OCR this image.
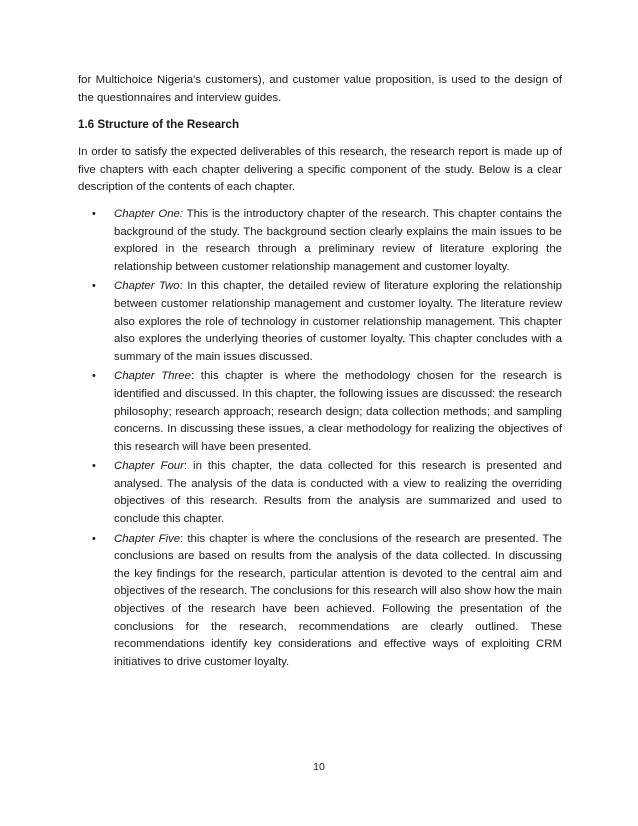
for Multichoice Nigeria's customers), and customer value proposition, is used to the design of the questionnaires and interview guides.

1.6 Structure of the Research

In order to satisfy the expected deliverables of this research, the research report is made up of five chapters with each chapter delivering a specific component of the study. Below is a clear description of the contents of each chapter.

• Chapter One: This is the introductory chapter of the research. This chapter contains the background of the study. The background section clearly explains the main issues to be explored in the research through a preliminary review of literature exploring the relationship between customer relationship management and customer loyalty.
• Chapter Two: In this chapter, the detailed review of literature exploring the relationship between customer relationship management and customer loyalty. The literature review also explores the role of technology in customer relationship management. This chapter also explores the underlying theories of customer loyalty. This chapter concludes with a summary of the main issues discussed.
• Chapter Three: this chapter is where the methodology chosen for the research is identified and discussed. In this chapter, the following issues are discussed: the research philosophy; research approach; research design; data collection methods; and sampling concerns. In discussing these issues, a clear methodology for realizing the objectives of this research will have been presented.
• Chapter Four: in this chapter, the data collected for this research is presented and analysed. The analysis of the data is conducted with a view to realizing the overriding objectives of this research. Results from the analysis are summarized and used to conclude this chapter.
• Chapter Five: this chapter is where the conclusions of the research are presented. The conclusions are based on results from the analysis of the data collected. In discussing the key findings for the research, particular attention is devoted to the central aim and objectives of the research. The conclusions for this research will also show how the main objectives of the research have been achieved. Following the presentation of the conclusions for the research, recommendations are clearly outlined. These recommendations identify key considerations and effective ways of exploiting CRM initiatives to drive customer loyalty.
10
